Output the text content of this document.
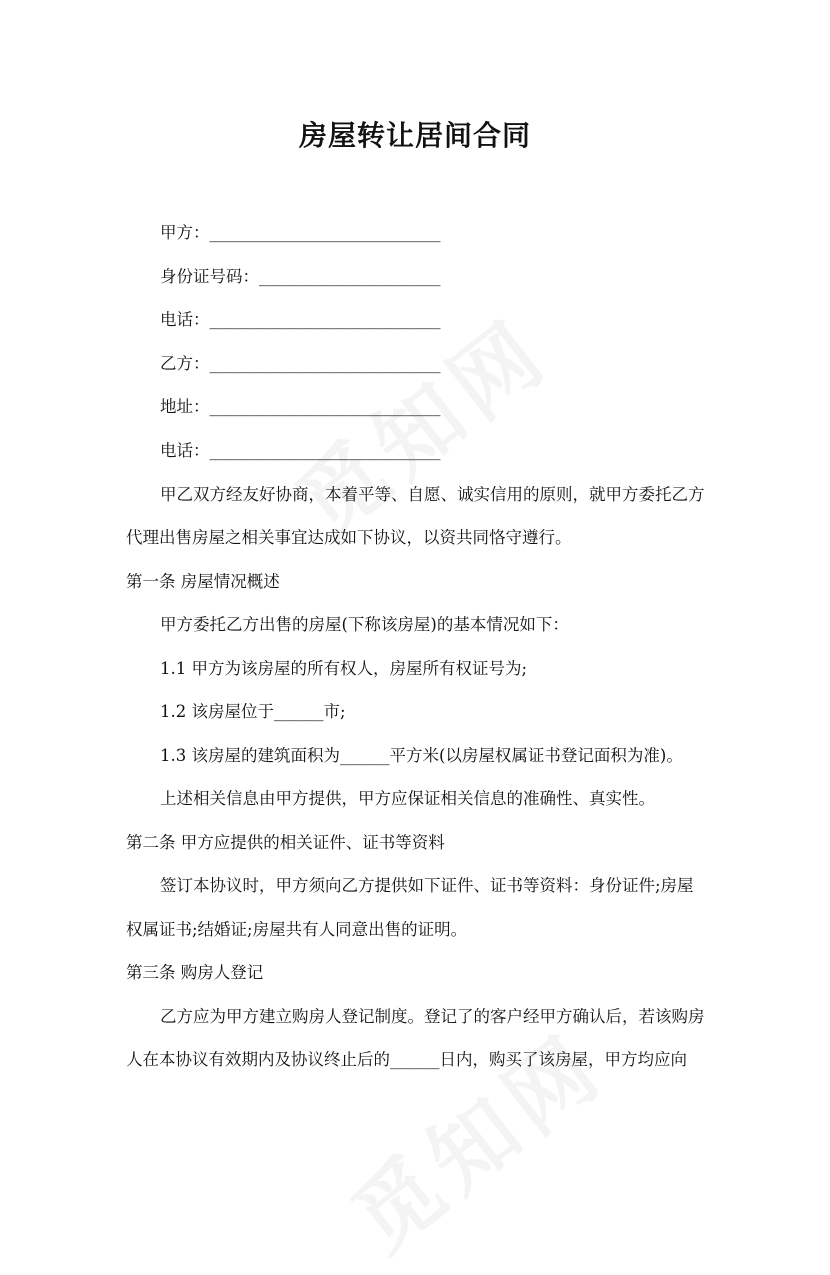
房屋转让居间合同
甲方：____________________________
身份证号码：______________________
电话：____________________________
乙方：____________________________
地址：____________________________
电话：____________________________
甲乙双方经友好协商，本着平等、自愿、诚实信用的原则，就甲方委托乙方
代理出售房屋之相关事宜达成如下协议，以资共同恪守遵行。
第一条 房屋情况概述
甲方委托乙方出售的房屋(下称该房屋)的基本情况如下：
1.1 甲方为该房屋的所有权人，房屋所有权证号为;
1.2 该房屋位于______市;
1.3 该房屋的建筑面积为______平方米(以房屋权属证书登记面积为准)。
上述相关信息由甲方提供，甲方应保证相关信息的准确性、真实性。
第二条 甲方应提供的相关证件、证书等资料
签订本协议时，甲方须向乙方提供如下证件、证书等资料：身份证件;房屋
权属证书;结婚证;房屋共有人同意出售的证明。
第三条 购房人登记
乙方应为甲方建立购房人登记制度。登记了的客户经甲方确认后，若该购房
人在本协议有效期内及协议终止后的______日内，购买了该房屋，甲方均应向
